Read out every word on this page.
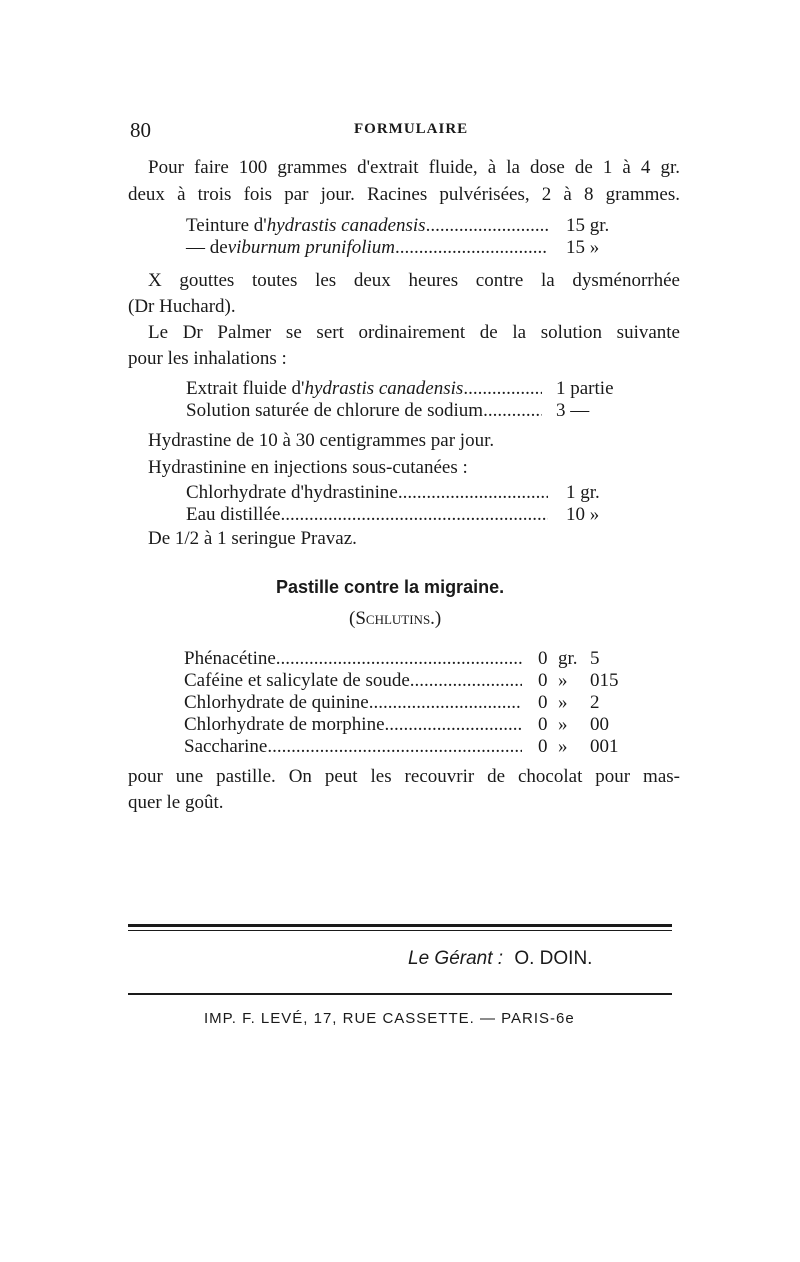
80	FORMULAIRE
Pour faire 100 grammes d'extrait fluide, à la dose de 1 à 4 gr.
deux à trois fois par jour. Racines pulvérisées, 2 à 8 grammes.
Teinture d' hydrastis canadensis .....	15 gr.
— de viburnum prunifolium .....	15 »
X gouttes toutes les deux heures contre la dysménorrhée
(Dr Huchard).
Le Dr Palmer se sert ordinairement de la solution suivante
pour les inhalations :
Extrait fluide d' hydrastis canadensis .....	1 partie
Solution saturée de chlorure de sodium .....	3 —
Hydrastine de 10 à 30 centigrammes par jour.
Hydrastinine en injections sous-cutanées :
Chlorhydrate d'hydrastinine .....	1 gr.
Eau distillée .....	10 »
De 1/2 à 1 seringue Pravaz.
Pastille contre la migraine.
(Schlutins.)
Phénacétine .....	0 gr. 5
Caféine et salicylate de soude .....	0 »	015
Chlorhydrate de quinine .....	0 »	2
Chlorhydrate de morphine .....	0 »	00
Saccharine .....	0 »	001
pour une pastille. On peut les recouvrir de chocolat pour mas-
quer le goût.
Le Gérant : O. DOIN.
IMP. F. LEVÉ, 17, RUE CASSETTE. — PARIS-6e
